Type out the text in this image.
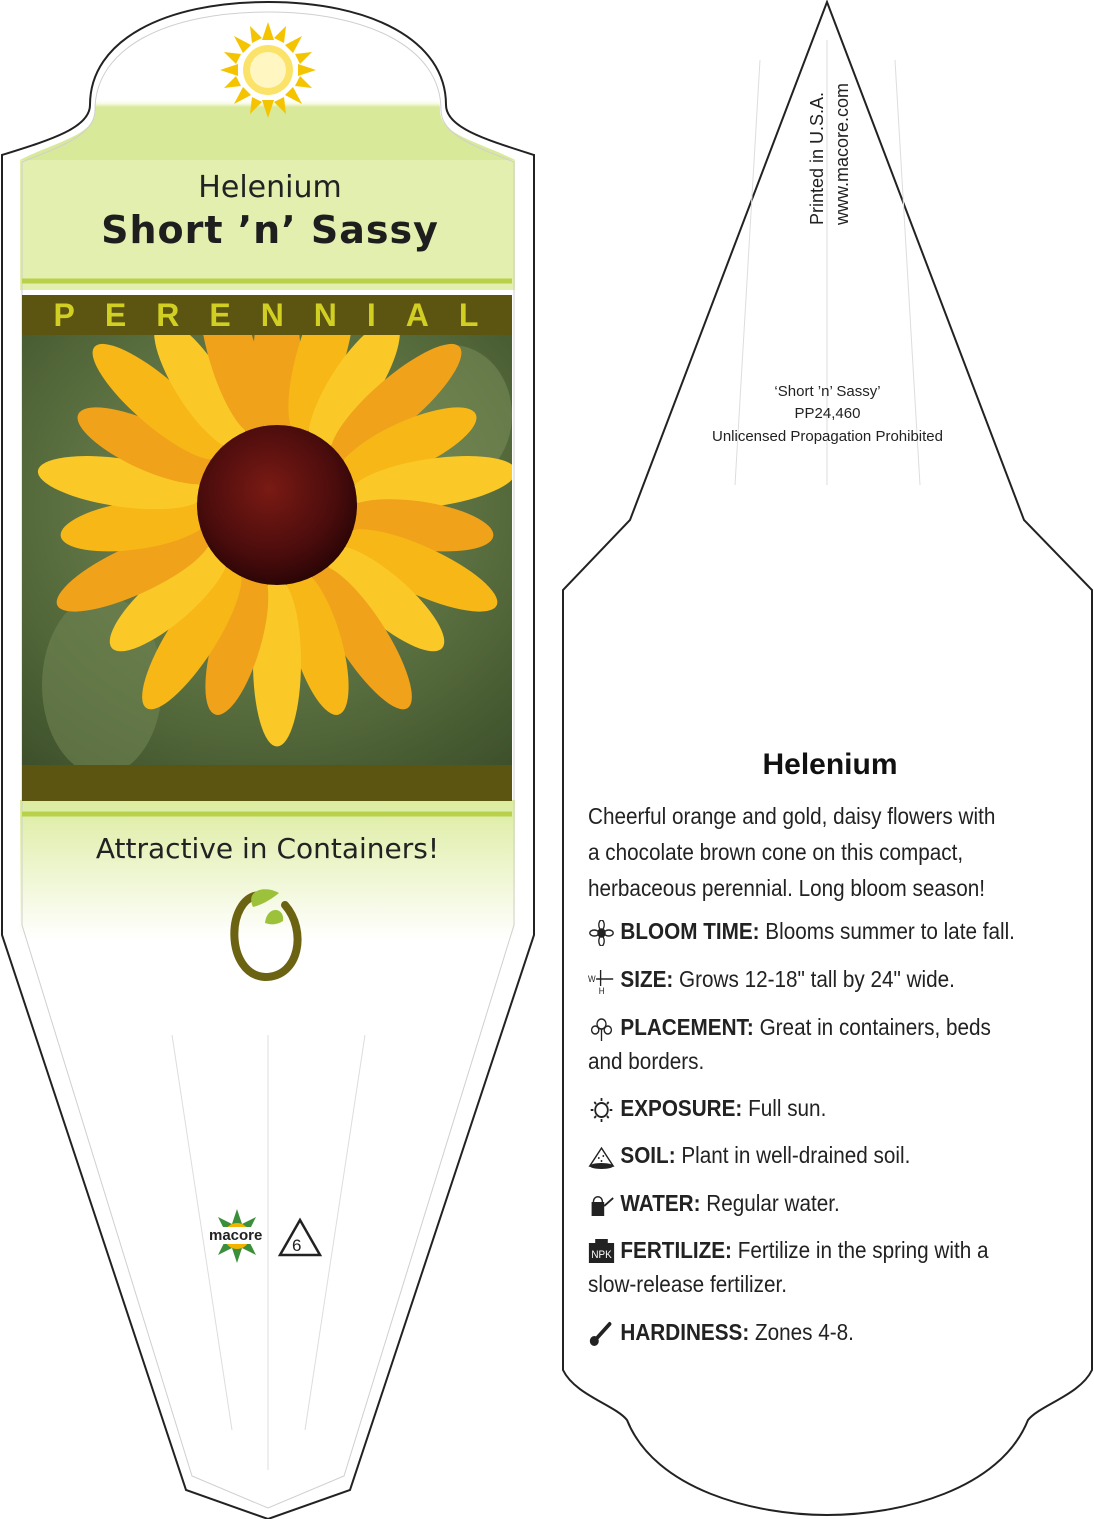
Helenium
Short ’n’ Sassy
PERENNIAL
Attractive in Containers!
macore
6
Printed in U.S.A. www.macore.com
‘Short ’n’ Sassy’
PP24,460
Unlicensed Propagation Prohibited
Helenium
Cheerful orange and gold, daisy flowers with a chocolate brown cone on this compact, herbaceous perennial. Long bloom season!
BLOOM TIME: Blooms summer to late fall.
W
H SIZE: Grows 12-18" tall by 24" wide.
PLACEMENT: Great in containers, beds and borders.
EXPOSURE: Full sun.
SOIL: Plant in well-drained soil.
WATER: Regular water.
NPK FERTILIZE: Fertilize in the spring with a slow-release fertilizer.
HARDINESS: Zones 4-8.
